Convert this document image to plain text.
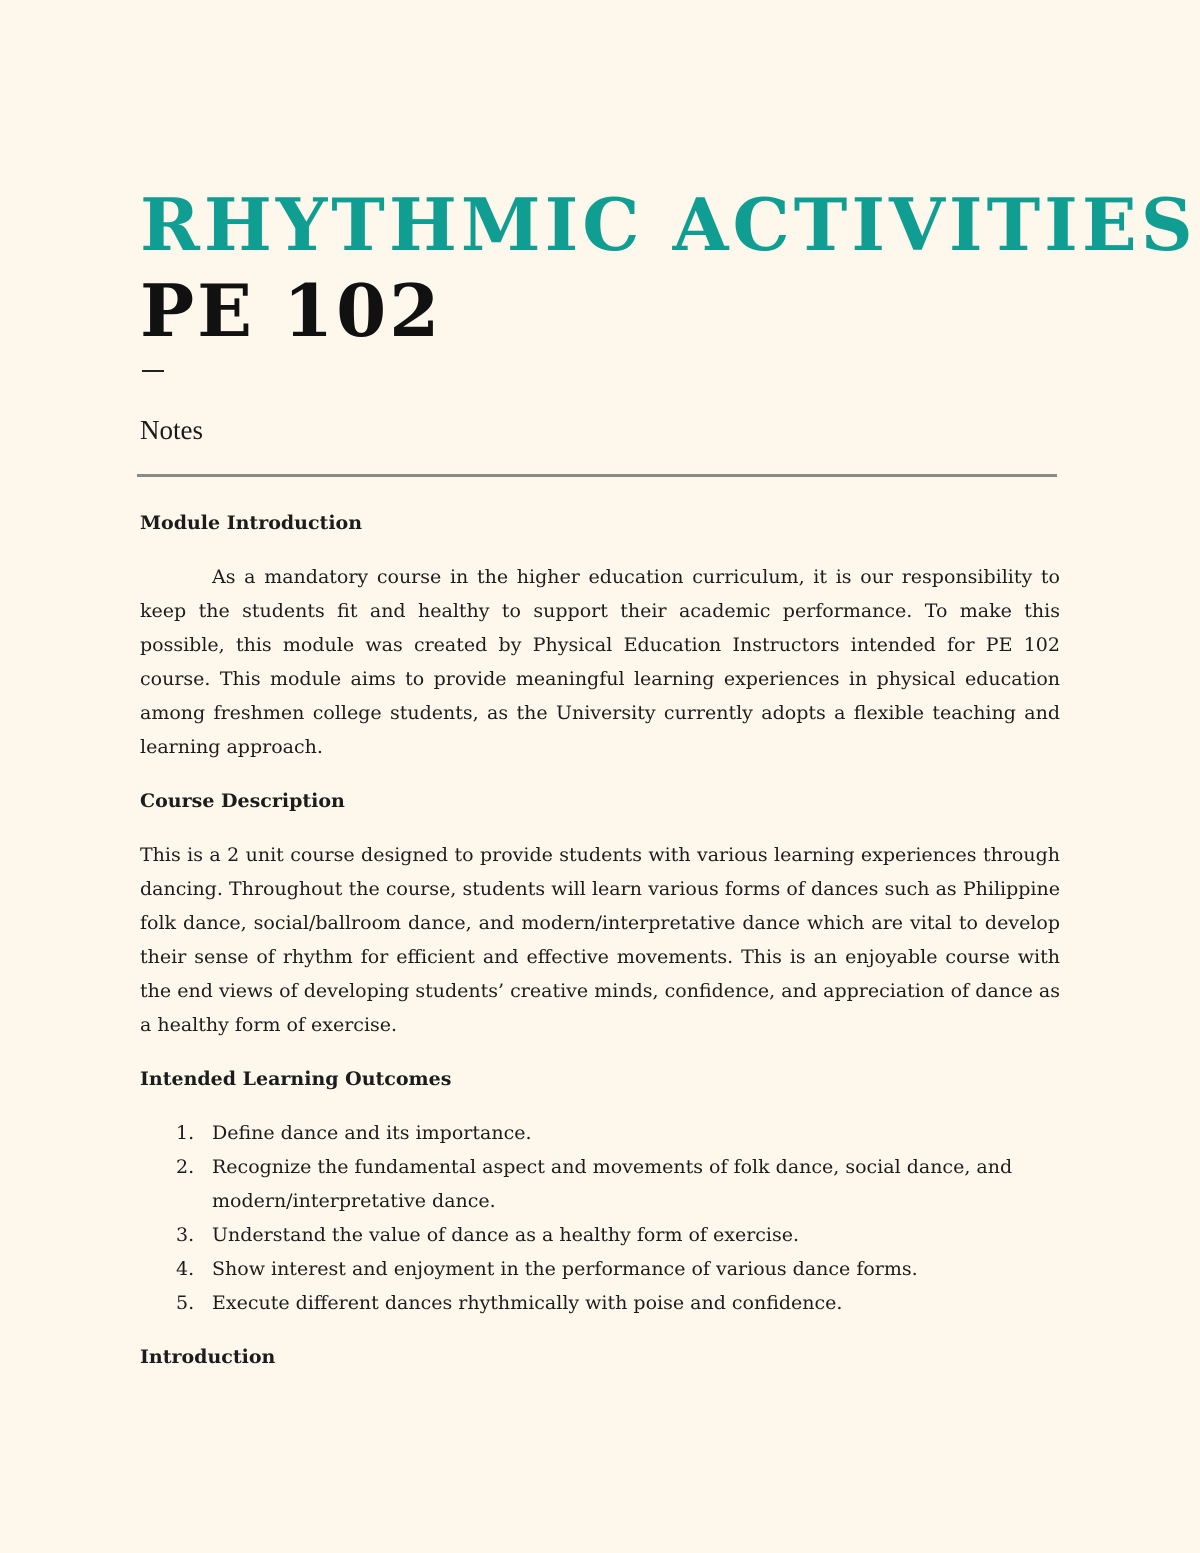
RHYTHMIC ACTIVITIES
PE 102
Notes
Module Introduction

As a mandatory course in the higher education curriculum, it is our responsibility to keep the students fit and healthy to support their academic performance. To make this possible, this module was created by Physical Education Instructors intended for PE 102 course. This module aims to provide meaningful learning experiences in physical education among freshmen college students, as the University currently adopts a flexible teaching and learning approach.

Course Description

This is a 2 unit course designed to provide students with various learning experiences through dancing. Throughout the course, students will learn various forms of dances such as Philippine folk dance, social/ballroom dance, and modern/interpretative dance which are vital to develop their sense of rhythm for efficient and effective movements. This is an enjoyable course with the end views of developing students’ creative minds, confidence, and appreciation of dance as a healthy form of exercise.

Intended Learning Outcomes
1. Define dance and its importance.
2. Recognize the fundamental aspect and movements of folk dance, social dance, and modern/interpretative dance.
3. Understand the value of dance as a healthy form of exercise.
4. Show interest and enjoyment in the performance of various dance forms.
5. Execute different dances rhythmically with poise and confidence.
Introduction
